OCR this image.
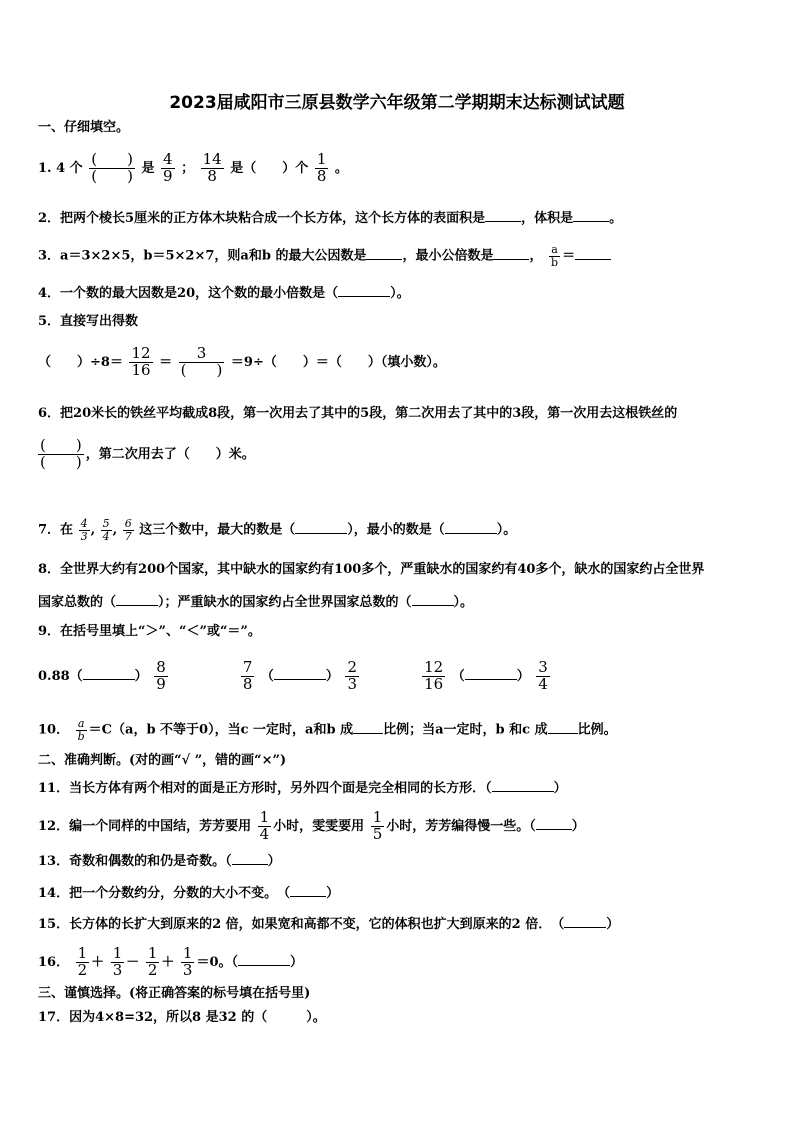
2023届咸阳市三原县数学六年级第二学期期末达标测试试题
一、仔细填空。
1. 4 个
(　　)
(　　) 是 $\frac{4}{9}$ ； $\frac{14}{8}$ 是（　　）个 $\frac{1}{8}$ 。
2．把两个棱长5厘米的正方体木块粘合成一个长方体，这个长方体的表面积是	，体积是	。
3．a＝3×2×5，b＝5×2×7，则a和b 的最大公因数是	，最小公倍数是	， $\frac{a}{b}$ ＝
4．一个数的最大因数是20，这个数的最小倍数是（	）。
5．直接写出得数
（　　）$\div 8= \frac{12}{16}$ ＝
3
(　　) ＝9÷（　　）＝（　　）（填小数）。
6．把20米长的铁丝平均截成8段，第一次用去了其中的5段，第二次用去了其中的3段，第一次用去这根铁丝的
(　　)
(　　) ，第二次用去了（　　）米。
7．在 $\frac{4}{3}$ , $\frac{5}{4}$ , $\frac{6}{7}$ 这三个数中，最大的数是（	），最小的数是（	）。
8．全世界大约有200个国家，其中缺水的国家约有100多个，严重缺水的国家约有40多个，缺水的国家约占全世界
国家总数的（	）；严重缺水的国家约占全世界国家总数的（	）。
9．在括号里填上“＞”、“＜”或“＝”。
0.88（	） $\frac{8}{9}$
	$\frac{7}{8}$ （	） $\frac{2}{3}$
	$\frac{12}{16}$ （	） $\frac{3}{4}$
10． $\frac{a}{b} =C(a$，b 不等于0），当c 一定时，a和b 成 比例；当a一定时，b 和c 成 比例。
二、准确判断。(对的画“√ ”，错的画“×”)
11．当长方体有两个相对的面是正方形时，另外四个面是完全相同的长方形．（	）
12．编一个同样的中国结，芳芳要用 $\frac{1}{4}$ 小时，雯雯要用 $\frac{1}{5}$ 小时，芳芳编得慢一些。（	）
13．奇数和偶数的和仍是奇数。（	）
14．把一个分数约分，分数的大小不变。　（	）
15．长方体的长扩大到原来的2 倍，如果宽和高都不变，它的体积也扩大到原来的2 倍．　（	）
16． $\frac{1}{2} + \frac{1}{3} - \frac{1}{2} + \frac{1}{3} =0$。（	）
三、谨慎选择。(将正确答案的标号填在括号里)
17．因为4×8=32，所以8 是32 的（　　　）。
